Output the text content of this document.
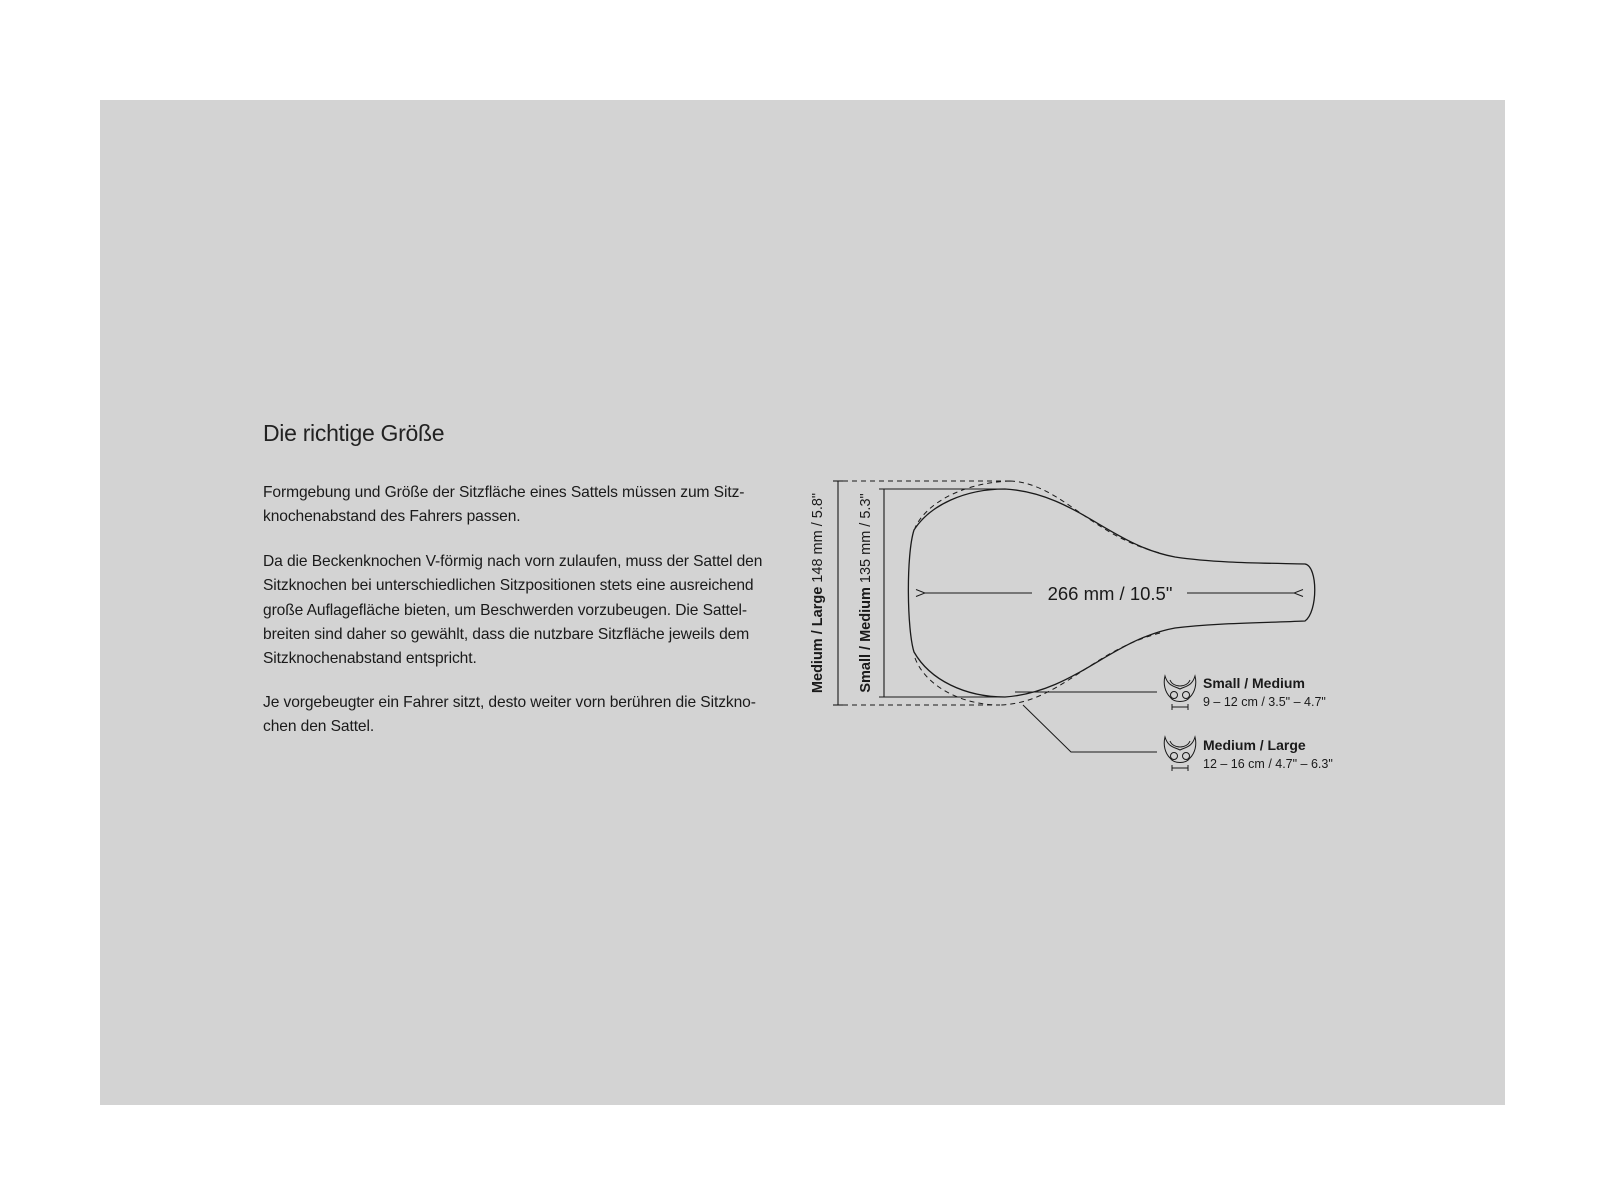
Die richtige Größe

Formgebung und Größe der Sitzfläche eines Sattels müssen zum Sitz-
knochenabstand des Fahrers passen.

Da die Beckenknochen V-förmig nach vorn zulaufen, muss der Sattel den
Sitzknochen bei unterschiedlichen Sitzpositionen stets eine ausreichend
große Auflagefläche bieten, um Beschwerden vorzubeugen. Die Sattel-
breiten sind daher so gewählt, dass die nutzbare Sitzfläche jeweils dem
Sitzknochenabstand entspricht.

Je vorgebeugter ein Fahrer sitzt, desto weiter vorn berühren die Sitzkno-
chen den Sattel.

Medium / Large 148 mm / 5.8"
Small / Medium 135 mm / 5.3"
266 mm / 10.5"
Small / Medium
9 – 12 cm / 3.5" – 4.7"
Medium / Large
12 – 16 cm / 4.7" – 6.3"
